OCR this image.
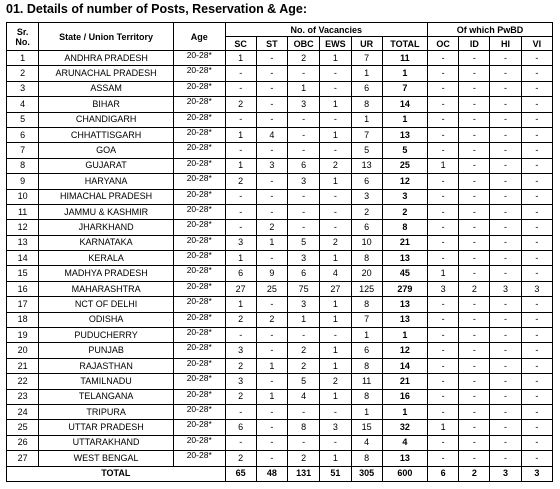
01. Details of number of Posts, Reservation & Age:
Sr. No.	State / Union Territory	Age	No. of Vacancies						Of which PwBD			
			SC	ST	OBC	EWS	UR	TOTAL	OC	ID	HI	VI
1	ANDHRA PRADESH	20-28*	1	-	2	1	7	11	-	-	-	-
2	ARUNACHAL PRADESH	20-28*	-	-	-	-	1	1	-	-	-	-
3	ASSAM	20-28*	-	-	1	-	6	7	-	-	-	-
4	BIHAR	20-28*	2	-	3	1	8	14	-	-	-	-
5	CHANDIGARH	20-28*	-	-	-	-	1	1	-	-	-	-
6	CHHATTISGARH	20-28*	1	4	-	1	7	13	-	-	-	-
7	GOA	20-28*	-	-	-	-	5	5	-	-	-	-
8	GUJARAT	20-28*	1	3	6	2	13	25	1	-	-	-
9	HARYANA	20-28*	2	-	3	1	6	12	-	-	-	-
10	HIMACHAL PRADESH	20-28*	-	-	-	-	3	3	-	-	-	-
11	JAMMU & KASHMIR	20-28*	-	-	-	-	2	2	-	-	-	-
12	JHARKHAND	20-28*	-	2	-	-	6	8	-	-	-	-
13	KARNATAKA	20-28*	3	1	5	2	10	21	-	-	-	-
14	KERALA	20-28*	1	-	3	1	8	13	-	-	-	-
15	MADHYA PRADESH	20-28*	6	9	6	4	20	45	1	-	-	-
16	MAHARASHTRA	20-28*	27	25	75	27	125	279	3	2	3	3
17	NCT OF DELHI	20-28*	1	-	3	1	8	13	-	-	-	-
18	ODISHA	20-28*	2	2	1	1	7	13	-	-	-	-
19	PUDUCHERRY	20-28*	-	-	-	-	1	1	-	-	-	-
20	PUNJAB	20-28*	3	-	2	1	6	12	-	-	-	-
21	RAJASTHAN	20-28*	2	1	2	1	8	14	-	-	-	-
22	TAMILNADU	20-28*	3	-	5	2	11	21	-	-	-	-
23	TELANGANA	20-28*	2	1	4	1	8	16	-	-	-	-
24	TRIPURA	20-28*	-	-	-	-	1	1	-	-	-	-
25	UTTAR PRADESH	20-28*	6	-	8	3	15	32	1	-	-	-
26	UTTARAKHAND	20-28*	-	-	-	-	4	4	-	-	-	-
27	WEST BENGAL	20-28*	2	-	2	1	8	13	-	-	-	-
TOTAL			65	48	131	51	305	600	6	2	3	3
